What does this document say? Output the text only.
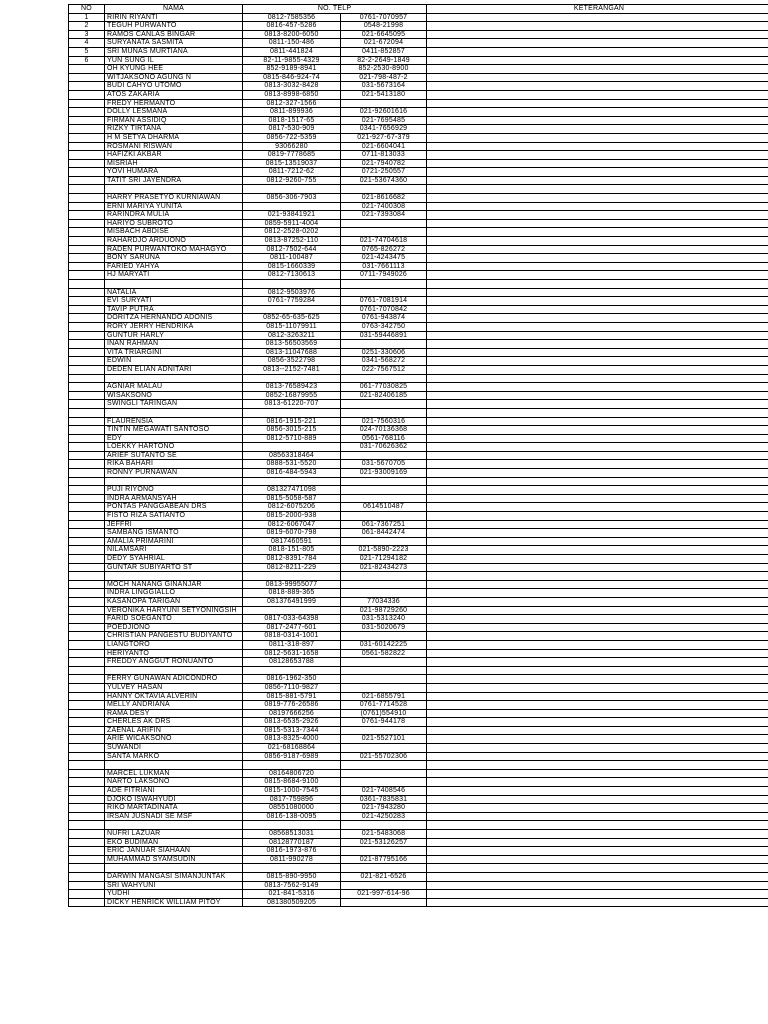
NO	NAMA	NO. TELP		KETERANGAN
1	RIRIN RIYANTI	0812-7585356	0761-7070957	
2	TEGUH PURWANTO	0816-457-5286	0548-21998	
3	RAMOS CANLAS BINGAR	0813-8200-6050	021-6645095	
4	SURYANATA SASMITA	0811-150-486	021-672094	
5	SRI MUNAS MURTIANA	0811-441824	0411-852857	
6	YUN SUNG IL	82-11-9855-4329	82-2-2649-1849	
	OH KYUNG HEE	852-9189-8941	852-2530-8900	
	WITJAKSONO AGUNG N	0815-846-924-74	021-798-487-2	
	BUDI CAHYO UTOMO	0813-3032-8428	031-5673164	
	ATOS ZAKARIA	0813-8998-6850	021-5413180	
	FREDY HERMANTO	0812-327-1566		
	DOLLY LESMANA	0811-899936	021-92601616	
	FIRMAN ASSIDIQ	0818-1517-65	021-7695485	
	RIZKY TIRTANA	0817-530-909	0341-7656929	
	H M SETYA DHARMA	0856-722-5359	021-927-67-379	
	ROSMANI RISWAN	93066280	021-6604041	
	HAFIZKI AKBAR	0819-7778685	0711-813033	
	MISRIAH	0815-13519037	021-7940782	
	YOVI HUMARA	0811-7212-62	0721-250557	
	TATIT SRI JAYENDRA	0812-9260-755	021-53674360	

	HARRY PRASETYO KURNIAWAN	0856-306-7903	021-8616682	
	ERNI MARIYA YUNITA		021-7400308	
	RARINDRA MULIA	021-93841921	021-7393084	
	HARIYO SUBROTO	0859-5911-4004		
	MISBACH ABDISE	0812-2528-0202		
	RAHARDJO ARDUONO	0813-87252-110	021-74704618	
	RADEN PURWANTOKO MAHAGYO	0812-7502-644	0765-826272	
	BONY SARUNA	0811-100487	021-4243475	
	FARIED YAHYA	0815-1660339	031-7661113	
	HJ MARYATI	0812-7130613	0711-7949026	

	NATALIA	0812-9503976		
	EVI SURYATI	0761-7759284	0761-7081914	
	TAVIP PUTRA		0761-7070842	
	DORITZA HERNANDO ADONIS	0852-65-635-625	0761-943874	
	RORY JERRY HENDRIKA	0815-11079911	0763-342750	
	GUNTUR HARLY	0812-3263211	031-59446891	
	INAN RAHMAN	0813-56503569		
	VITA TRIARGINI	0813-11047688	0251-330606	
	EDWIN	0856-3522798	0341-568272	
	DEDEN ELIAN ADNITARI	0813--2152-7481	022-7567512	

	AGNIAR MALAU	0813-76589423	061-77030825	
	WISAKSONO	0852-16879955	021-82406185	
	SWINGLI TARINGAN	0813-61220-707		

	FLAURENSIA	0816-1915-221	021-7560316	
	TINTIN MEGAWATI SANTOSO	0856-3015-215	024-70136368	
	EDY	0812-5710-889	0561-768116	
	LOEKKY HARTONO		031-70626362	
	ARIEF SUTANTO SE	08563318464		
	RIKA BAHARI	0888-531-5520	031-5670705	
	RONNY PURNAWAN	0816-484-5943	021-93009169	

	PUJI RIYONO	081327471098		
	INDRA ARMANSYAH	0815-5058-587		
	PONTAS PANGGABEAN DRS	0812-6075206	0614510487	
	FISTO RIZA SATIANTO	0815-2000-938		
	JEFFRI	0812-6067047	061-7367251	
	SAMBANG ISMANTO	0819-6070-798	061-8442474	
	AMALIA PRIMARINI	0817460591		
	NILAMSARI	0818-151-805	021-5890-2223	
	DEDY SYAHRIAL	0812-8391-784	021-71294182	
	GUNTAR SUBIYARTO ST	0812-8211-229	021-82434273	

	MOCH NANANG GINANJAR	0813-99955077		
	INDRA LINGGIALLO	0818-889-365		
	KASANOPA TARIGAN	081376491999	77034336	
	VERONIKA HARYUNI SETYONINGSIH		021-98729260	
	FARID SOEGANTO	0817-033-64398	031-5313240	
	POEDJIONO	0817-2477-601	031-5020679	
	CHRISTIAN PANGESTU BUDIYANTO	0818-0314-1001		
	LIANGTORO	0811-318-897	031-60142225	
	HERIYANTO	0812-5631-1658	0561-582822	
	FREDDY ANGGUT RONUANTO	08128653788		

	FERRY GUNAWAN ADICONDRO	0816-1962-350		
	YULVEY HASAN	0856-7110-9827		
	HANNY OKTAVIA ALVERIN	0815-881-5791	021-6855791	
	MELLY ANDRIANA	0819-776-26586	0761-7714528	
	RAMA DESY	08197666256	(0761)554910	
	CHERLES AK DRS	0813-6535-2926	0761-944178	
	ZAENAL ARIFIN	0815-5313-7344		
	ARIE WICAKSONO	0813-8325-4000	021-5527101	
	SUWANDI	021-68168864		
	SANTA MARKO	0856-9187-6989	021-55702306	

	MARCEL LUKMAN	08164806720		
	NARTO LAKSONO	0815-8684-9100		
	ADE FITRIANI	0815-1000-7545	021-7408546	
	DJOKO ISWAHYUDI	0817-759896	0361-7835831	
	RIKO MARTADINATA	08551080000	021-7943280	
	IRSAN JUSNADI SE MSF	0816-138-0095	021-4250283	

	NUFRI LAZUAR	08568513031	021-5483068	
	EKO BUDIMAN	08128770187	021-53126257	
	ERIC JANUAR SIAHAAN	0816-1973-876		
	MUHAMMAD SYAMSUDIN	0811-990278	021-87795166	

	DARWIN MANGASI SIMANJUNTAK	0815-890-9950	021-821-6526	
	SRI WAHYUNI	0813-7562-9149		
	YUDHI	021-841-5316	021-997-614-96	
	DICKY HENRICK WILLIAM PITOY	081380509205		
